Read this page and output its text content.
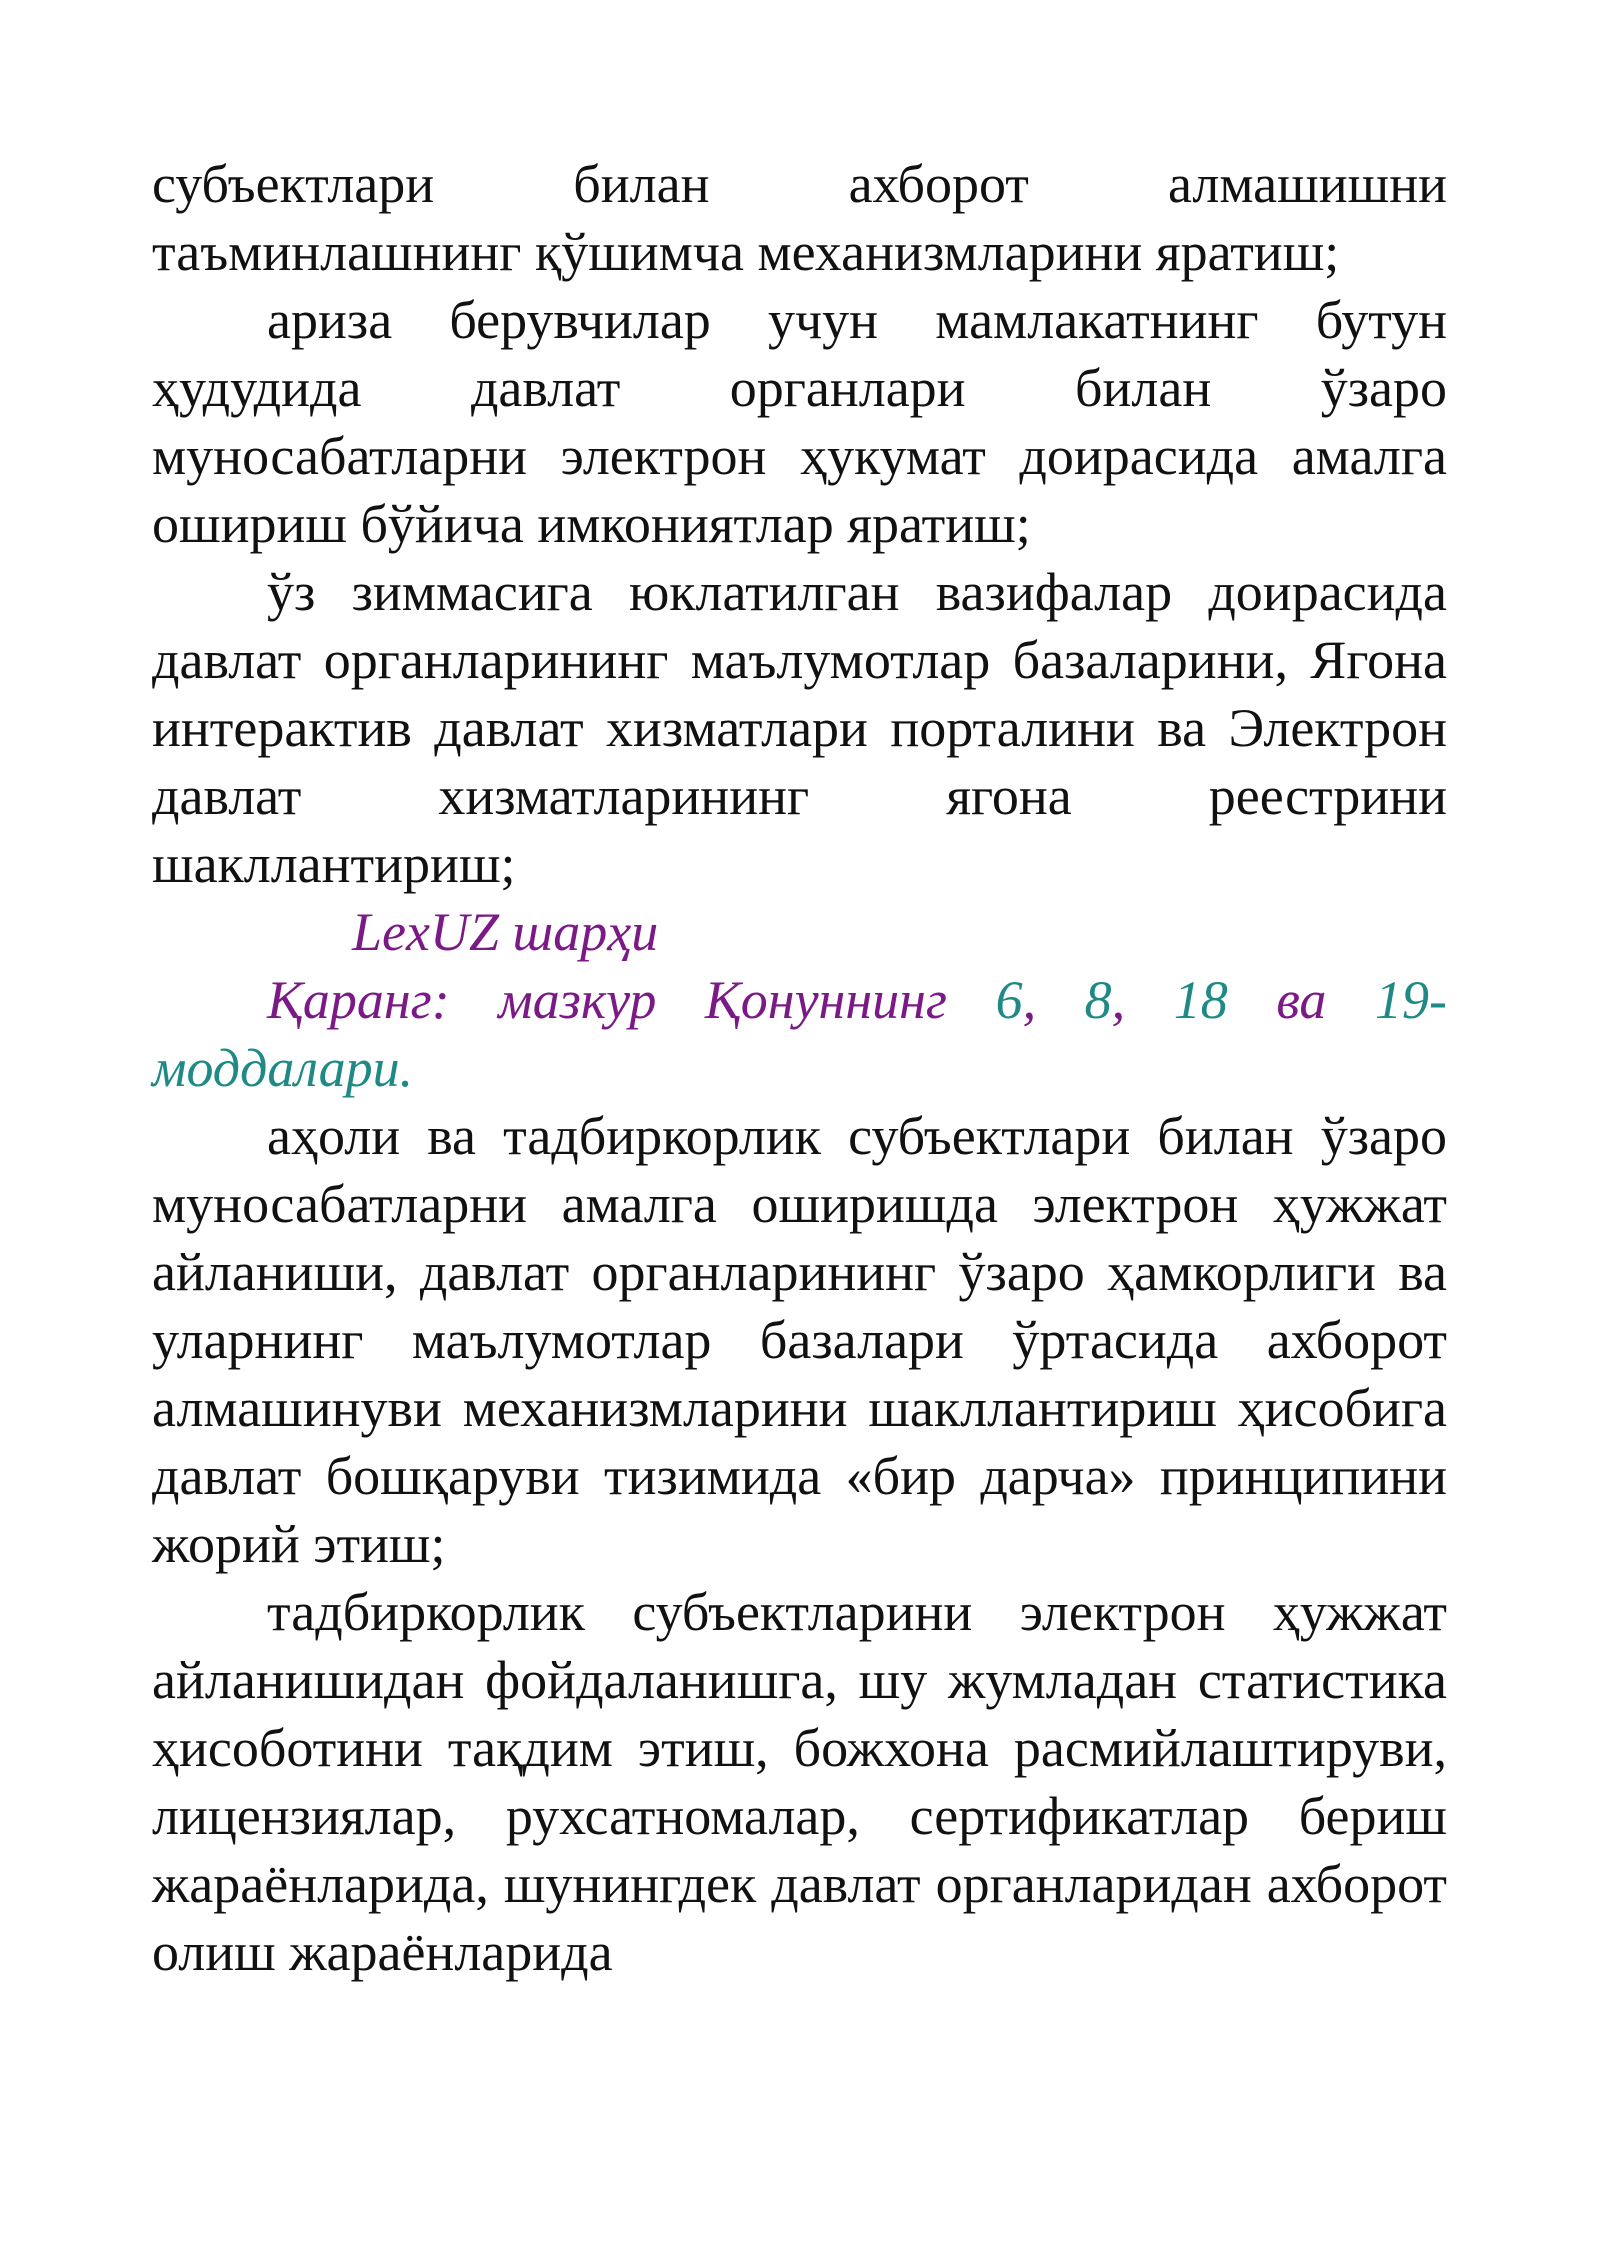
субъектлари билан ахборот алмашишни
таъминлашнинг қўшимча механизмларини яратиш;

ариза берувчилар учун мамлакатнинг бутун ҳудудида давлат органлари билан ўзаро муносабатларни электрон ҳукумат доирасида амалга ошириш бўйича имкониятлар яратиш;

ўз зиммасига юклатилган вазифалар доирасида давлат органларининг маълумотлар базаларини, Ягона интерактив давлат хизматлари порталини ва Электрон давлат хизматларининг ягона реестрини шакллантириш;

LexUZ шарҳи

Қаранг: мазкур Қонуннинг 6, 8, 18 ва 19-
моддалари.

аҳоли ва тадбиркорлик субъектлари билан ўзаро муносабатларни амалга оширишда электрон ҳужжат айланиши, давлат органларининг ўзаро ҳамкорлиги ва уларнинг маълумотлар базалари ўртасида ахборот алмашинуви механизмларини шакллантириш ҳисобига давлат бошқаруви тизимида «бир дарча» принципини жорий этиш;

тадбиркорлик субъектларини электрон ҳужжат айланишидан фойдаланишга, шу жумладан статистика ҳисоботини тақдим этиш, божхона расмийлаштируви, лицензиялар, рухсатномалар, сертификатлар бериш жараёнларида, шунингдек давлат органларидан ахборот олиш жараёнларида
